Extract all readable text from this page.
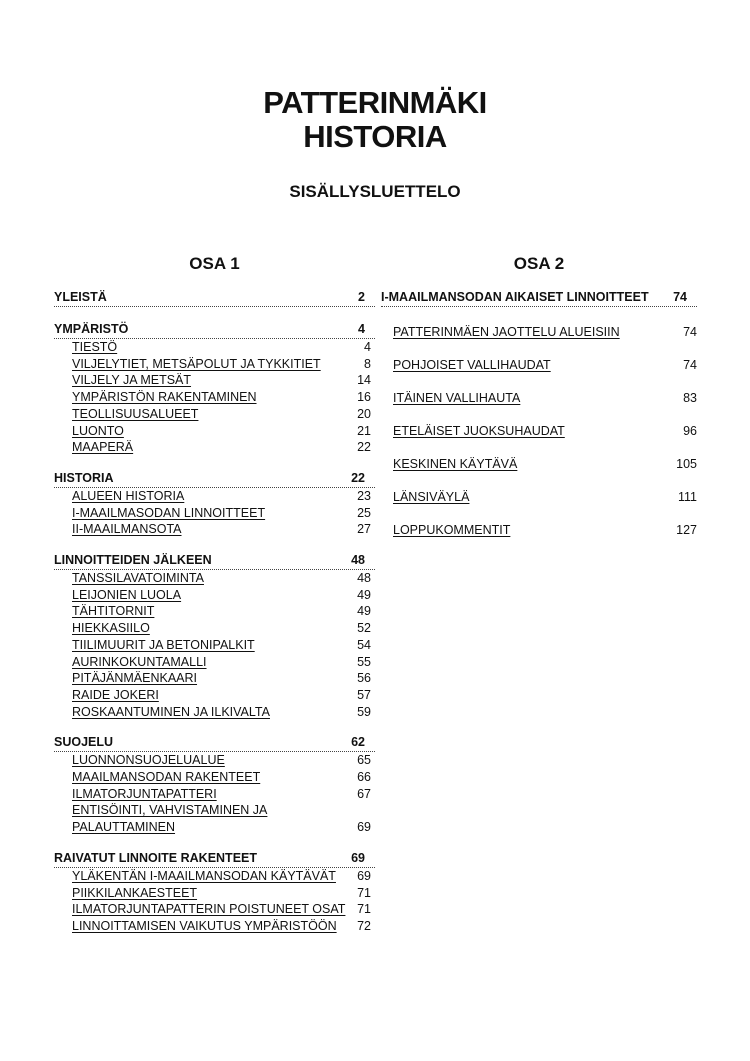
PATTERINMÄKI
HISTORIA
SISÄLLYSLUETTELO
OSA 1	OSA 2
YLEISTÄ	2
YMPÄRISTÖ	4
TIESTÖ	4
VILJELYTIET, METSÄPOLUT JA TYKKITIET	8
VILJELY JA METSÄT	14
YMPÄRISTÖN RAKENTAMINEN	16
TEOLLISUUSALUEET	20
LUONTO	21
MAAPERÄ	22
HISTORIA	22
ALUEEN HISTORIA	23
I-MAAILMASODAN LINNOITTEET	25
II-MAAILMANSOTA	27
LINNOITTEIDEN JÄLKEEN	48
TANSSILAVATOIMINTA	48
LEIJONIEN LUOLA	49
TÄHTITORNIT	49
HIEKKASIILO	52
TIILIMUURIT JA BETONIPALKIT	54
AURINKOKUNTAMALLI	55
PITÄJÄNMÄENKAARI	56
RAIDE JOKERI	57
ROSKAANTUMINEN JA ILKIVALTA	59
SUOJELU	62
LUONNONSUOJELUALUE	65
MAAILMANSODAN RAKENTEET	66
ILMATORJUNTAPATTERI	67
ENTISÖINTI, VAHVISTAMINEN JA PALAUTTAMINEN	69
RAIVATUT LINNOITE RAKENTEET	69
YLÄKENTÄN I-MAAILMANSODAN KÄYTÄVÄT	69
PIIKKILANKAESTEET	71
ILMATORJUNTAPATTERIN POISTUNEET OSAT 71
LINNOITTAMISEN VAIKUTUS YMPÄRISTÖÖN	72
I-MAAILMANSODAN AIKAISET LINNOITTEET 74
PATTERINMÄEN JAOTTELU ALUEISIIN	74
POHJOISET VALLIHAUDAT	74
ITÄINEN VALLIHAUTA	83
ETELÄISET JUOKSUHAUDAT	96
KESKINEN KÄYTÄVÄ	105
LÄNSIVÄYLÄ	111
LOPPUKOMMENTIT	127
